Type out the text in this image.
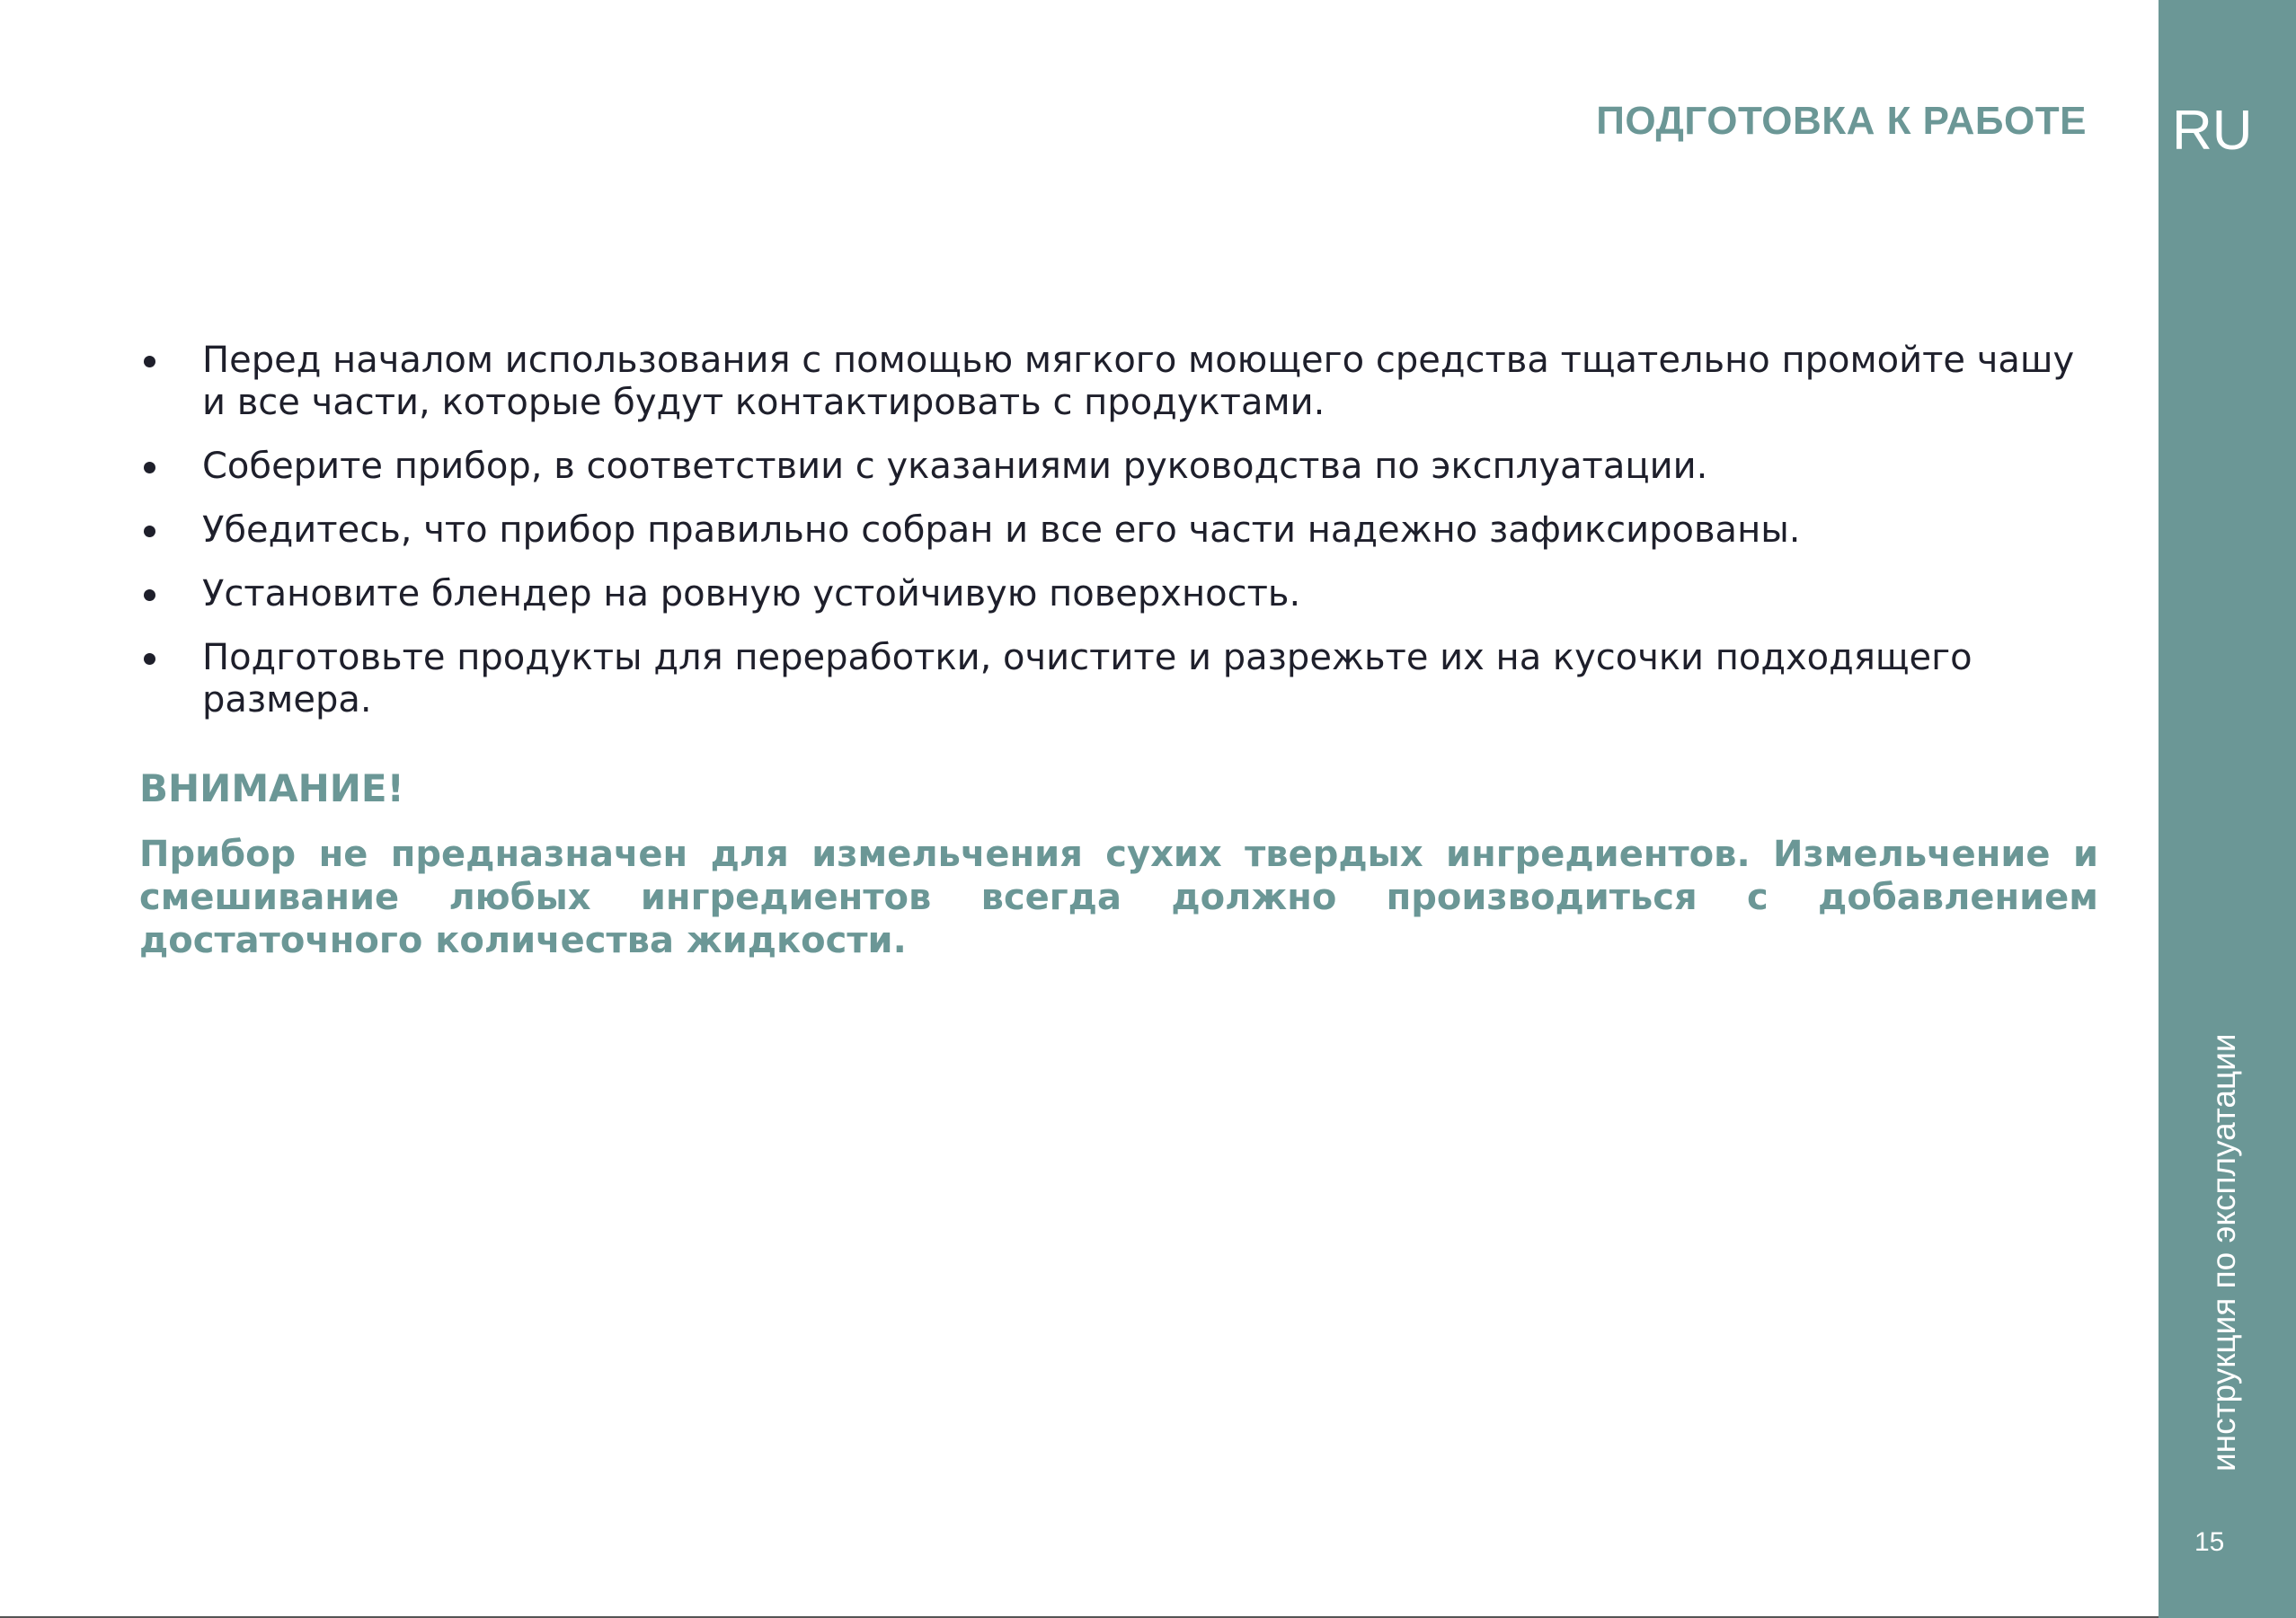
ПОДГОТОВКА К РАБОТЕ
Перед началом использования с помощью мягкого моющего средства тщательно промойте чашу и все части, которые будут контактировать с продуктами.
Соберите прибор, в соответствии с указаниями руководства по эксплуатации.
Убедитесь, что прибор правильно собран и все его части надежно зафиксированы.
Установите блендер на ровную устойчивую поверхность.
Подготовьте продукты для переработки, очистите и разрежьте их на кусочки подходящего размера.
ВНИМАНИЕ!
Прибор не предназначен для измельчения сухих твердых ингредиентов. Измельчение и смешивание любых ингредиентов всегда должно производиться с добавлением достаточного количества жидкости.
RU
инструкция по эксплуатации
15
